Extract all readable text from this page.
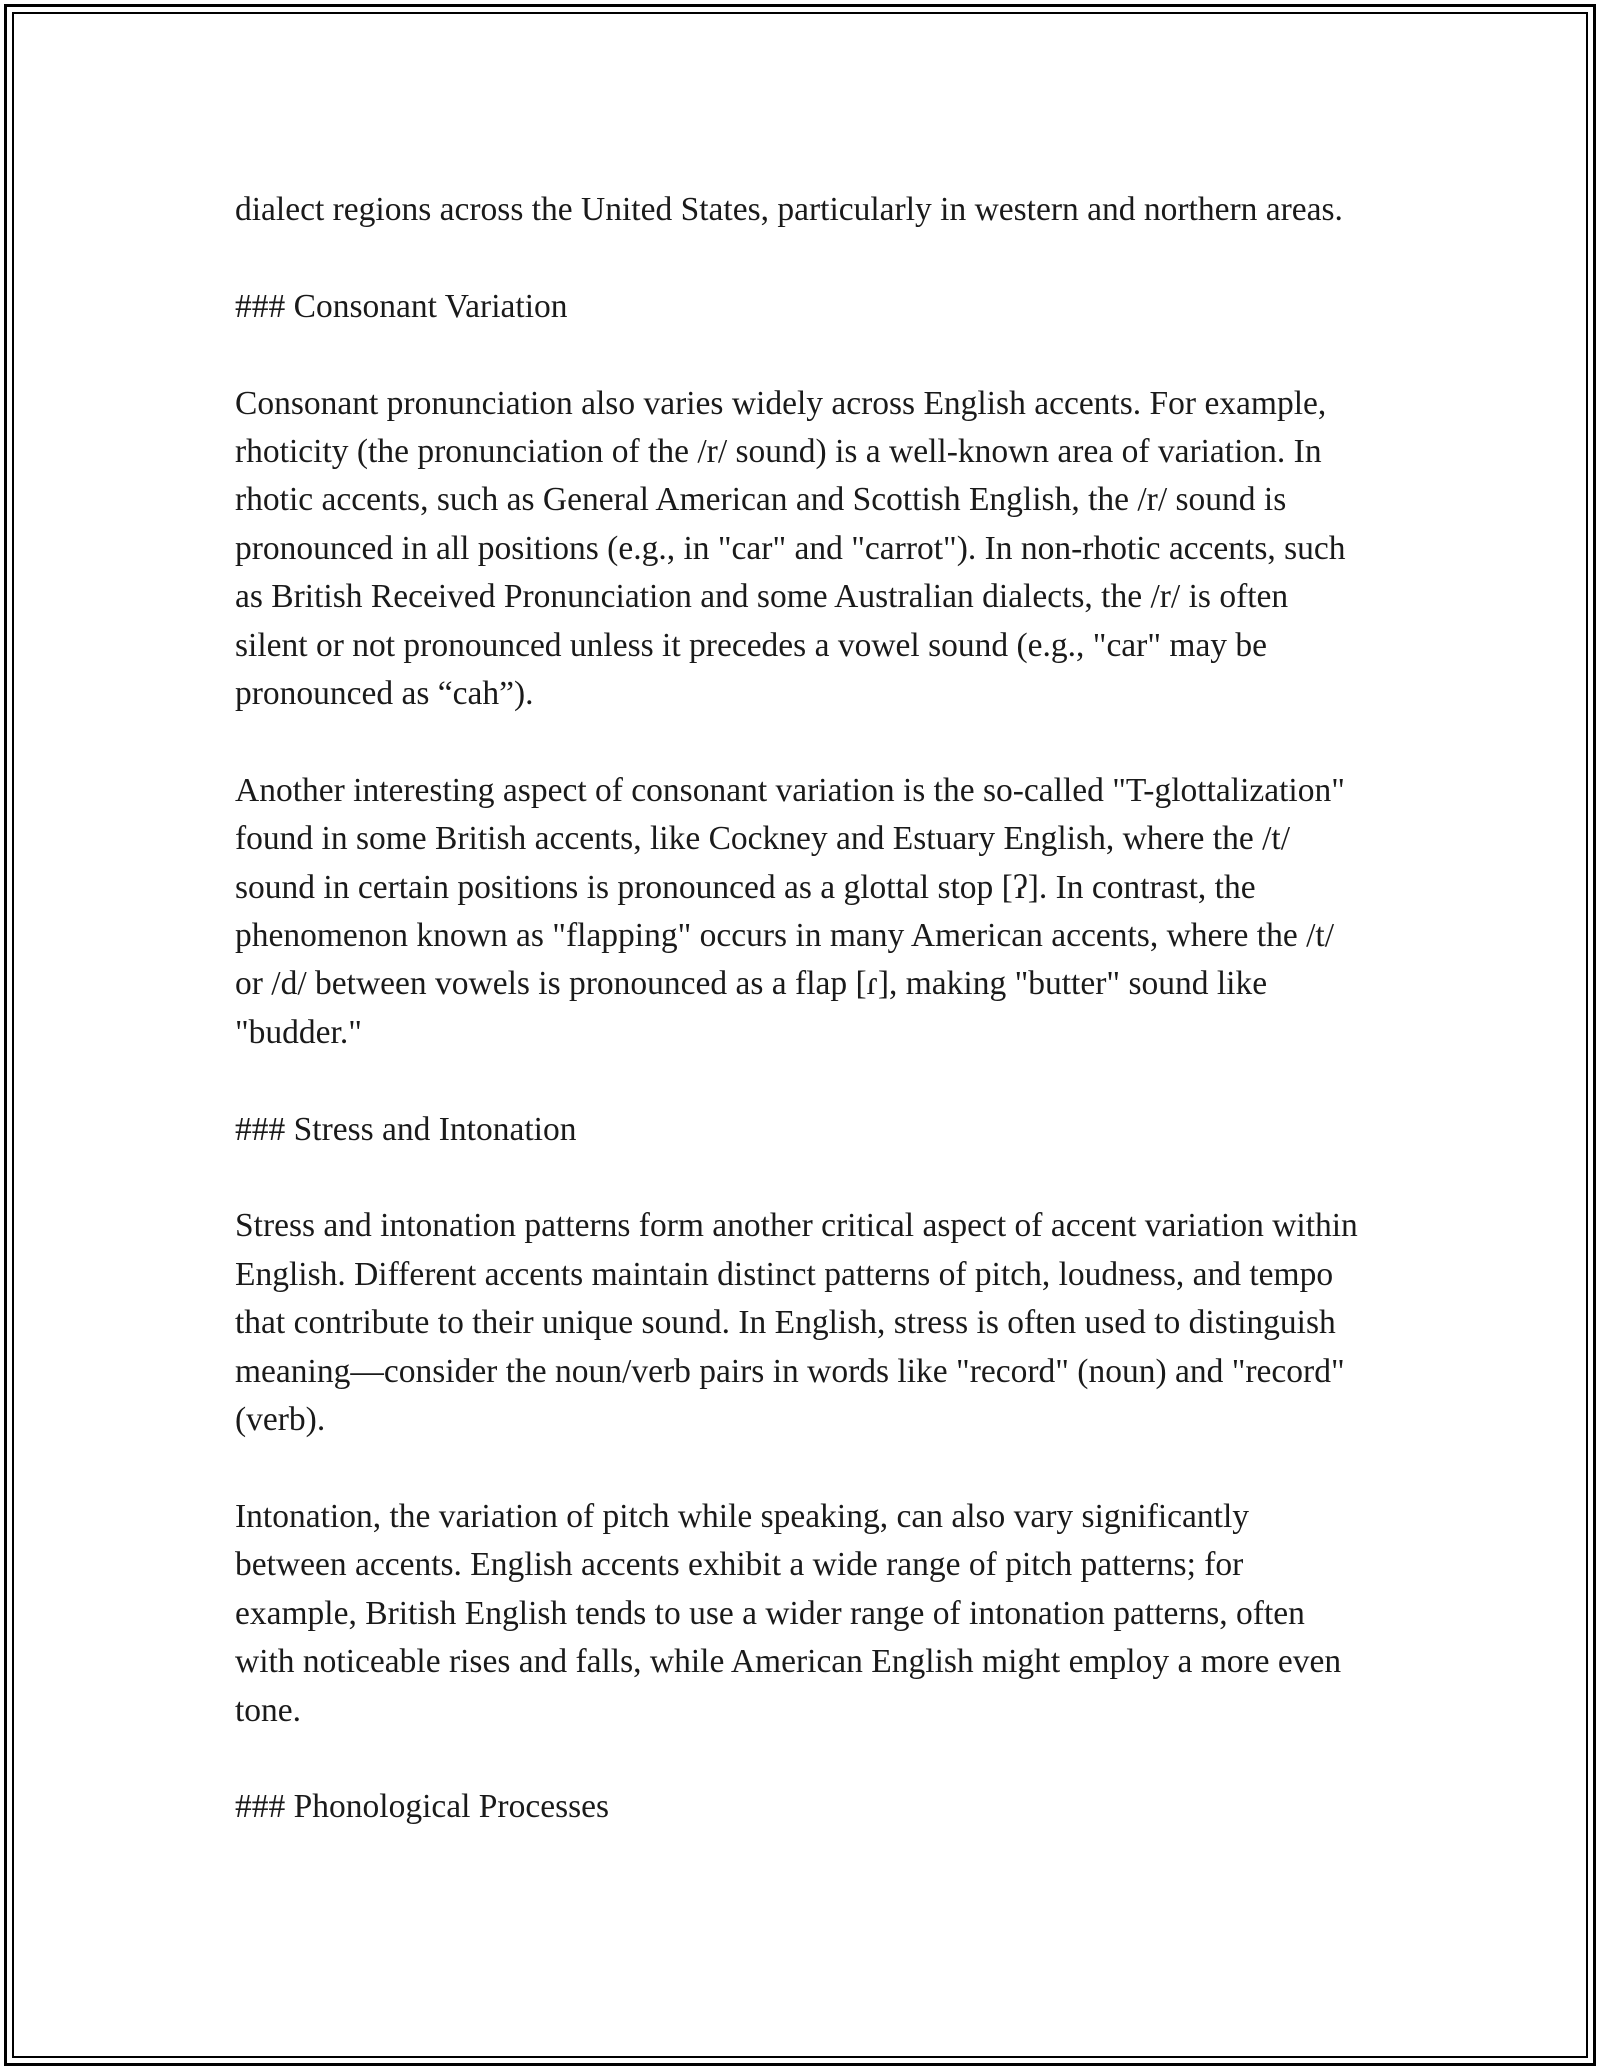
dialect regions across the United States, particularly in western and northern areas.

### Consonant Variation

Consonant pronunciation also varies widely across English accents. For example, rhoticity (the pronunciation of the /r/ sound) is a well-known area of variation. In rhotic accents, such as General American and Scottish English, the /r/ sound is pronounced in all positions (e.g., in "car" and "carrot"). In non-rhotic accents, such as British Received Pronunciation and some Australian dialects, the /r/ is often silent or not pronounced unless it precedes a vowel sound (e.g., "car" may be pronounced as “cah”).

Another interesting aspect of consonant variation is the so-called "T-glottalization" found in some British accents, like Cockney and Estuary English, where the /t/ sound in certain positions is pronounced as a glottal stop [ʔ]. In contrast, the phenomenon known as "flapping" occurs in many American accents, where the /t/ or /d/ between vowels is pronounced as a flap [ɾ], making "butter" sound like "budder."

### Stress and Intonation

Stress and intonation patterns form another critical aspect of accent variation within English. Different accents maintain distinct patterns of pitch, loudness, and tempo that contribute to their unique sound. In English, stress is often used to distinguish meaning—consider the noun/verb pairs in words like "record" (noun) and "record" (verb).

Intonation, the variation of pitch while speaking, can also vary significantly between accents. English accents exhibit a wide range of pitch patterns; for example, British English tends to use a wider range of intonation patterns, often with noticeable rises and falls, while American English might employ a more even tone.

### Phonological Processes
